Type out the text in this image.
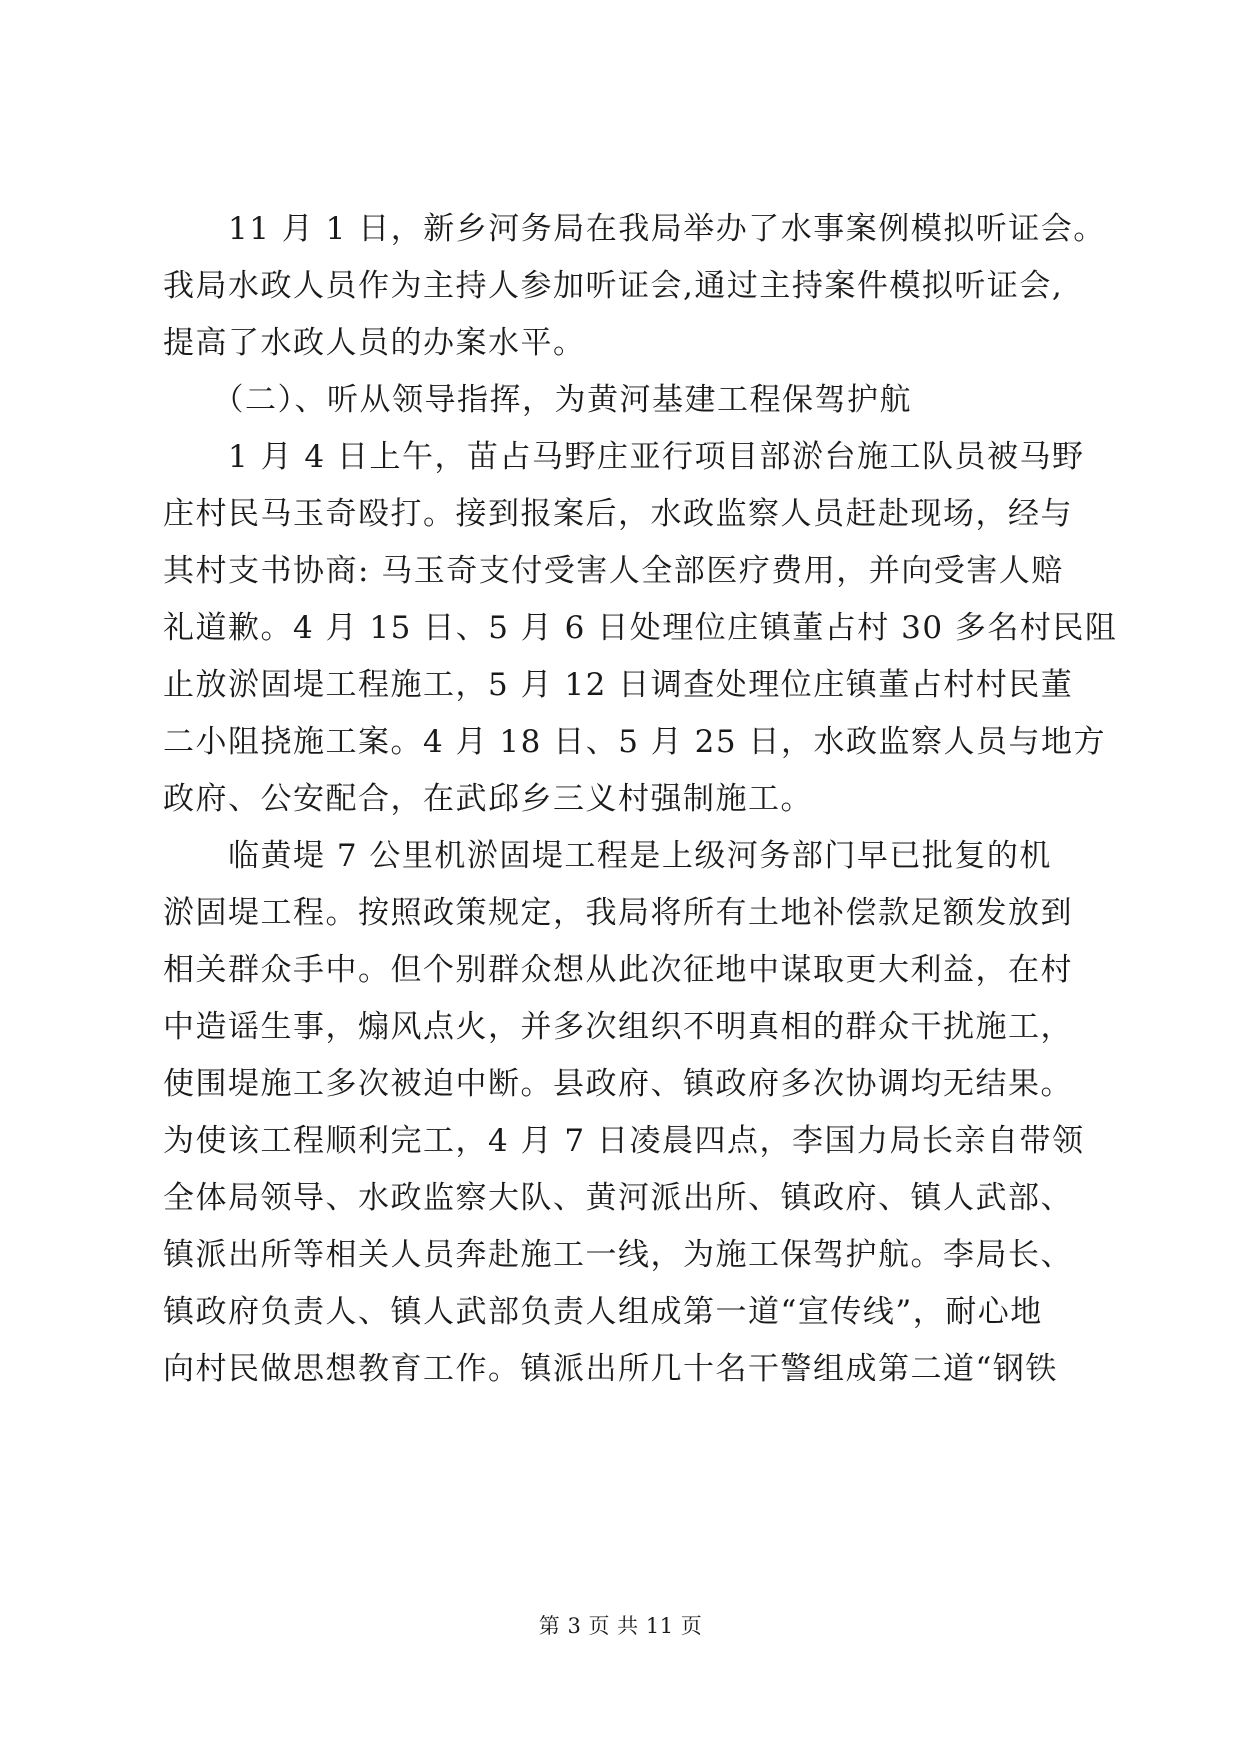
　　11 月 1 日，新乡河务局在我局举办了水事案例模拟听证会。
我局水政人员作为主持人参加听证会,通过主持案件模拟听证会,
提高了水政人员的办案水平。
　　（二）、听从领导指挥，为黄河基建工程保驾护航
　　1 月 4 日上午，苗占马野庄亚行项目部淤台施工队员被马野
庄村民马玉奇殴打。接到报案后，水政监察人员赶赴现场，经与
其村支书协商: 马玉奇支付受害人全部医疗费用，并向受害人赔
礼道歉。4 月 15 日、5 月 6 日处理位庄镇董占村 30 多名村民阻
止放淤固堤工程施工，5 月 12 日调查处理位庄镇董占村村民董
二小阻挠施工案。4 月 18 日、5 月 25 日，水政监察人员与地方
政府、公安配合，在武邱乡三义村强制施工。
　　临黄堤 7 公里机淤固堤工程是上级河务部门早已批复的机
淤固堤工程。按照政策规定，我局将所有土地补偿款足额发放到
相关群众手中。但个别群众想从此次征地中谋取更大利益，在村
中造谣生事，煽风点火，并多次组织不明真相的群众干扰施工，
使围堤施工多次被迫中断。县政府、镇政府多次协调均无结果。
为使该工程顺利完工，4 月 7 日凌晨四点，李国力局长亲自带领
全体局领导、水政监察大队、黄河派出所、镇政府、镇人武部、
镇派出所等相关人员奔赴施工一线，为施工保驾护航。李局长、
镇政府负责人、镇人武部负责人组成第一道“宣传线”，耐心地
向村民做思想教育工作。镇派出所几十名干警组成第二道“钢铁
第 3 页 共 11 页
